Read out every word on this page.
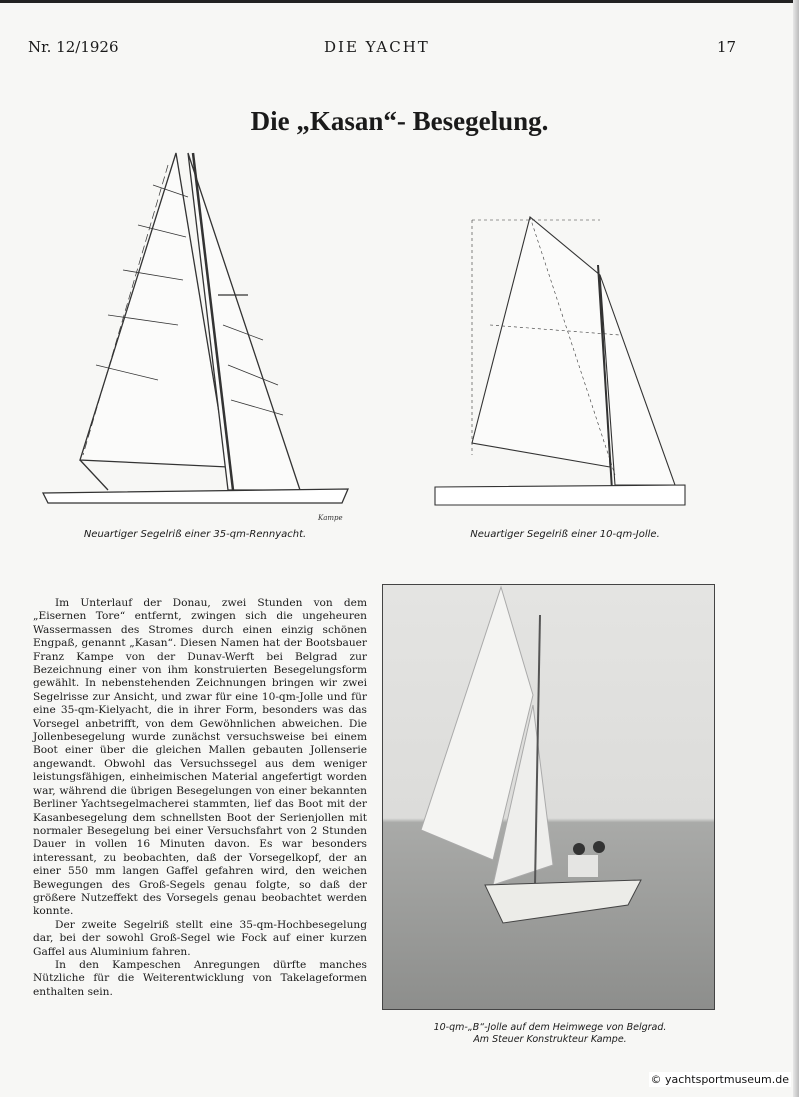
Nr. 12/1926	DIE YACHT	17
Die „Kasan“- Besegelung.
Kampe
Neuartiger Segelriß einer 35-qm-Rennyacht.	Neuartiger Segelriß einer 10-qm-Jolle.

Im Unterlauf der Donau, zwei Stunden von dem „Eisernen Tore“ entfernt, zwingen sich die ungeheuren Wassermassen des Stromes durch einen einzig schönen Engpaß, genannt „Kasan“. Diesen Namen hat der Bootsbauer Franz Kampe von der Dunav-Werft bei Belgrad zur Bezeichnung einer von ihm konstruierten Besegelungsform gewählt. In nebenstehenden Zeichnungen bringen wir zwei Segelrisse zur Ansicht, und zwar für eine 10-qm-Jolle und für eine 35-qm-Kielyacht, die in ihrer Form, besonders was das Vorsegel anbetrifft, von dem Gewöhnlichen abweichen. Die Jollenbesegelung wurde zunächst versuchsweise bei einem Boot einer über die gleichen Mallen gebauten Jollenserie angewandt. Obwohl das Versuchssegel aus dem weniger leistungsfähigen, einheimischen Material angefertigt worden war, während die übrigen Besegelungen von einer bekannten Berliner Yachtsegelmacherei stammten, lief das Boot mit der Kasanbesegelung dem schnellsten Boot der Serienjollen mit normaler Besegelung bei einer Versuchsfahrt von 2 Stunden Dauer in vollen 16 Minuten davon. Es war besonders interessant, zu beobachten, daß der Vorsegelkopf, der an einer 550 mm langen Gaffel gefahren wird, den weichen Bewegungen des Groß-Segels genau folgte, so daß der größere Nutzeffekt des Vorsegels genau beobachtet werden konnte.

Der zweite Segelriß stellt eine 35-qm-Hochbesegelung dar, bei der sowohl Groß-Segel wie Fock auf einer kurzen Gaffel aus Aluminium fahren.

In den Kampeschen Anregungen dürfte manches Nützliche für die Weiterentwicklung von Takelageformen enthalten sein.

10-qm-„B“-Jolle auf dem Heimwege von Belgrad.
Am Steuer Konstrukteur Kampe.
© yachtsportmuseum.de
